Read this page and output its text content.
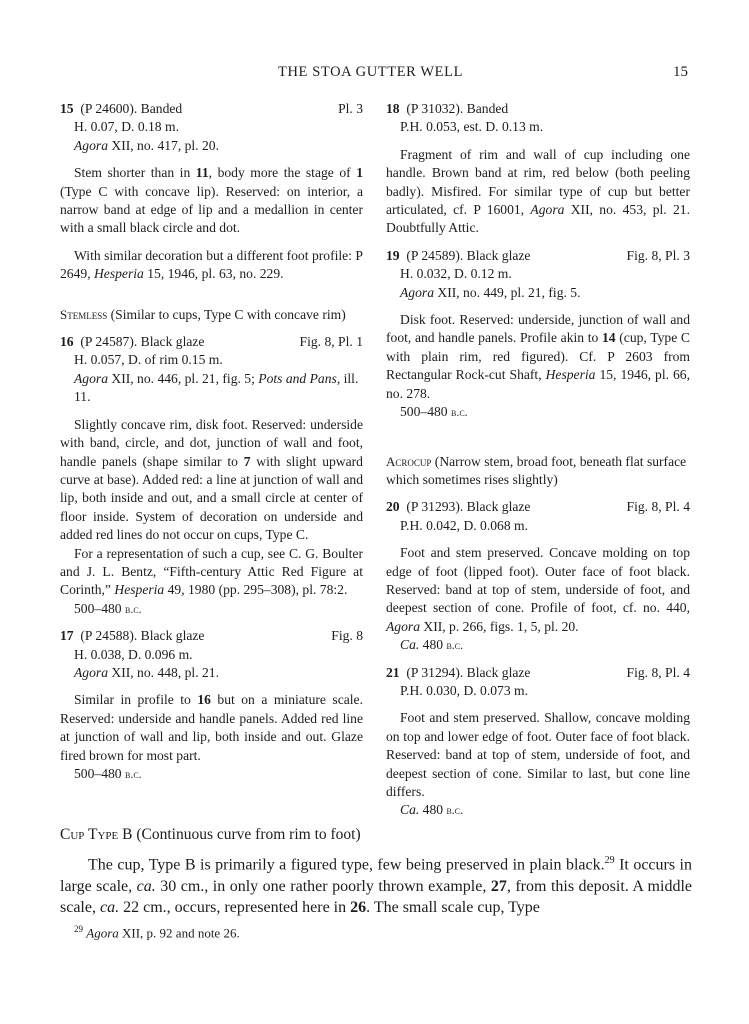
THE STOA GUTTER WELL	15
15 (P 24600). Banded	Pl. 3

H. 0.07, D. 0.18 m.

Agora XII, no. 417, pl. 20.

Stem shorter than in 11, body more the stage of 1 (Type C with concave lip). Reserved: on interior, a narrow band at edge of lip and a medallion in center with a small black circle and dot.

With similar decoration but a different foot profile: P 2649, Hesperia 15, 1946, pl. 63, no. 229.

Stemless (Similar to cups, Type C with concave rim)

16 (P 24587). Black glaze	Fig. 8, Pl. 1

H. 0.057, D. of rim 0.15 m.

Agora XII, no. 446, pl. 21, fig. 5; Pots and Pans, ill. 11.

Slightly concave rim, disk foot. Reserved: underside with band, circle, and dot, junction of wall and foot, handle panels (shape similar to 7 with slight upward curve at base). Added red: a line at junction of wall and lip, both inside and out, and a small circle at center of floor inside. System of decoration on underside and added red lines do not occur on cups, Type C.

For a representation of such a cup, see C. G. Boulter and J. L. Bentz, “Fifth-century Attic Red Figure at Corinth,” Hesperia 49, 1980 (pp. 295–308), pl. 78:2.

500–480 b.c.

17 (P 24588). Black glaze	Fig. 8

H. 0.038, D. 0.096 m.

Agora XII, no. 448, pl. 21.

Similar in profile to 16 but on a miniature scale. Reserved: underside and handle panels. Added red line at junction of wall and lip, both inside and out. Glaze fired brown for most part.

500–480 b.c.

18 (P 31032). Banded

P.H. 0.053, est. D. 0.13 m.

Fragment of rim and wall of cup including one handle. Brown band at rim, red below (both peeling badly). Misfired. For similar type of cup but better articulated, cf. P 16001, Agora XII, no. 453, pl. 21. Doubtfully Attic.

19 (P 24589). Black glaze	Fig. 8, Pl. 3

H. 0.032, D. 0.12 m.

Agora XII, no. 449, pl. 21, fig. 5.

Disk foot. Reserved: underside, junction of wall and foot, and handle panels. Profile akin to 14 (cup, Type C with plain rim, red figured). Cf. P 2603 from Rectangular Rock-cut Shaft, Hesperia 15, 1946, pl. 66, no. 278.

500–480 b.c.

Acrocup (Narrow stem, broad foot, beneath flat surface which sometimes rises slightly)

20 (P 31293). Black glaze	Fig. 8, Pl. 4

P.H. 0.042, D. 0.068 m.

Foot and stem preserved. Concave molding on top edge of foot (lipped foot). Outer face of foot black. Reserved: band at top of stem, underside of foot, and deepest section of cone. Profile of foot, cf. no. 440, Agora XII, p. 266, figs. 1, 5, pl. 20.

Ca. 480 b.c.

21 (P 31294). Black glaze	Fig. 8, Pl. 4

P.H. 0.030, D. 0.073 m.

Foot and stem preserved. Shallow, concave molding on top and lower edge of foot. Outer face of foot black. Reserved: band at top of stem, underside of foot, and deepest section of cone. Similar to last, but cone line differs.

Ca. 480 b.c.

Cup Type B (Continuous curve from rim to foot)

The cup, Type B is primarily a figured type, few being preserved in plain black.$^{29}$ It occurs in large scale, ca. 30 cm., in only one rather poorly thrown example, 27, from this deposit. A middle scale, ca. 22 cm., occurs, represented here in 26. The small scale cup, Type

$^{29}$ Agora XII, p. 92 and note 26.
